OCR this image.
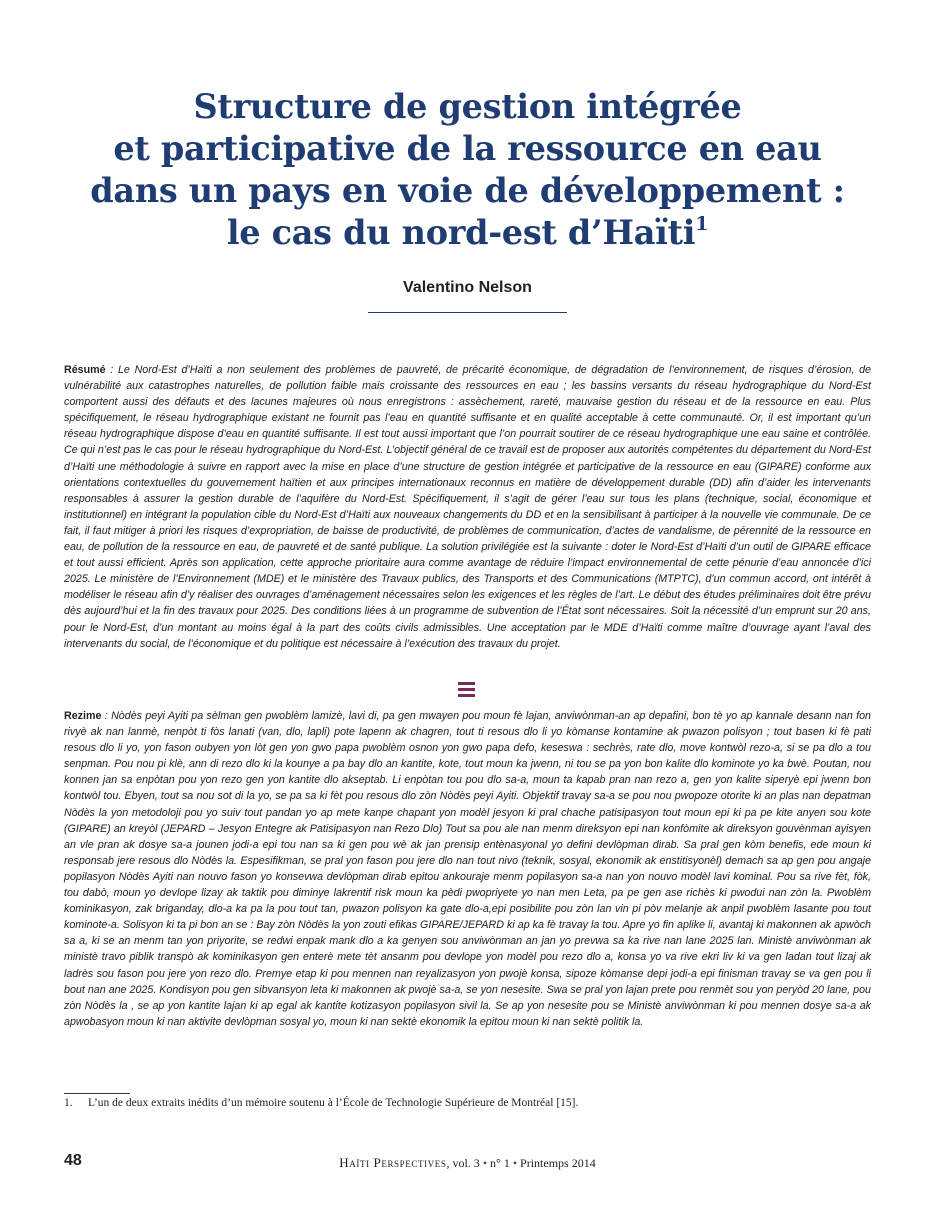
Structure de gestion intégrée
et participative de la ressource en eau
dans un pays en voie de développement :
le cas du nord-est d’Haïti$^1$
Valentino Nelson

Résumé : Le Nord-Est d’Haïti a non seulement des problèmes de pauvreté, de précarité économique, de dégradation de l’environnement, de risques d’érosion, de vulnérabilité aux catastrophes naturelles, de pollution faible mais croissante des ressources en eau ; les bassins versants du réseau hydrographique du Nord-Est comportent aussi des défauts et des lacunes majeures où nous enregistrons : assèchement, rareté, mauvaise gestion du réseau et de la ressource en eau. Plus spécifiquement, le réseau hydrographique existant ne fournit pas l’eau en quantité suffisante et en qualité acceptable à cette communauté. Or, il est important qu’un réseau hydrographique dispose d’eau en quantité suffisante. Il est tout aussi important que l’on pourrait soutirer de ce réseau hydrographique une eau saine et contrôlée. Ce qui n’est pas le cas pour le réseau hydrographique du Nord-Est. L’objectif général de ce travail est de proposer aux autorités compétentes du département du Nord-Est d’Haïti une méthodologie à suivre en rapport avec la mise en place d’une structure de gestion intégrée et participative de la ressource en eau (GIPARE) conforme aux orientations contextuelles du gouvernement haïtien et aux principes internationaux reconnus en matière de développement durable (DD) afin d’aider les intervenants responsables à assurer la gestion durable de l’aquifère du Nord-Est. Spécifiquement, il s’agit de gérer l’eau sur tous les plans (technique, social, économique et institutionnel) en intégrant la population cible du Nord-Est d’Haïti aux nouveaux changements du DD et en la sensibilisant à participer à la nouvelle vie communale. De ce fait, il faut mitiger à priori les risques d’expropriation, de baisse de productivité, de problèmes de communication, d’actes de vandalisme, de pérennité de la ressource en eau, de pollution de la ressource en eau, de pauvreté et de santé publique. La solution privilégiée est la suivante : doter le Nord-Est d’Haïti d’un outil de GIPARE efficace et tout aussi efficient. Après son application, cette approche prioritaire aura comme avantage de réduire l’impact environnemental de cette pénurie d’eau annoncée d’ici 2025. Le ministère de l’Environnement (MDE) et le ministère des Travaux publics, des Transports et des Communications (MTPTC), d’un commun accord, ont intérêt à modéliser le réseau afin d’y réaliser des ouvrages d’aménagement nécessaires selon les exigences et les règles de l’art. Le début des études préliminaires doit être prévu dès aujourd’hui et la fin des travaux pour 2025. Des conditions liées à un programme de subvention de l’État sont nécessaires. Soit la nécessité d’un emprunt sur 20 ans, pour le Nord-Est, d’un montant au moins égal à la part des coûts civils admissibles. Une acceptation par le MDE d’Haïti comme maître d’ouvrage ayant l’aval des intervenants du social, de l’économique et du politique est nécessaire à l’exécution des travaux du projet.

Rezime : Nòdès peyi Ayiti pa sèlman gen pwoblèm lamizè, lavi di, pa gen mwayen pou moun fè lajan, anviwònman-an ap depafini, bon tè yo ap kannale desann nan fon rivyè ak nan lanmè, nenpòt ti fòs lanati (van, dlo, lapli) pote lapenn ak chagren, tout ti resous dlo li yo kòmanse kontamine ak pwazon polisyon ; tout basen ki fè pati resous dlo li yo, yon fason oubyen yon lòt gen yon gwo papa pwoblèm osnon yon gwo papa defo, keseswa : sechrès, rate dlo, move kontwòl rezo-a, si se pa dlo a tou senpman. Pou nou pi klè, ann di rezo dlo ki la kounye a pa bay dlo an kantite, kote, tout moun ka jwenn, ni tou se pa yon bon kalite dlo kominote yo ka bwè. Poutan, nou konnen jan sa enpòtan pou yon rezo gen yon kantite dlo akseptab. Li enpòtan tou pou dlo sa-a, moun ta kapab pran nan rezo a, gen yon kalite siperyè epi jwenn bon kontwòl tou. Ebyen, tout sa nou sot di la yo, se pa sa ki fèt pou resous dlo zòn Nòdès peyi Ayiti. Objektif travay sa-a se pou nou pwopoze otorite ki an plas nan depatman Nòdès la yon metodoloji pou yo suiv tout pandan yo ap mete kanpe chapant yon modèl jesyon ki pral chache patisipasyon tout moun epi ki pa pe kite anyen sou kote (GIPARE) an kreyòl (JEPARD – Jesyon Entegre ak Patisipasyon nan Rezo Dlo) Tout sa pou ale nan menm direksyon epi nan konfòmite ak direksyon gouvènman ayisyen an vle pran ak dosye sa-a jounen jodi-a epi tou nan sa ki gen pou wè ak jan prensip entènasyonal yo defini devlòpman dirab. Sa pral gen kòm benefis, ede moun ki responsab jere resous dlo Nòdès la. Espesifikman, se pral yon fason pou jere dlo nan tout nivo (teknik, sosyal, ekonomik ak enstitisyonèl) demach sa ap gen pou angaje popilasyon Nòdès Ayiti nan nouvo fason yo konsevwa devlòpman dirab epitou ankouraje menm popilasyon sa-a nan yon nouvo modèl lavi kominal. Pou sa rive fèt, fòk, tou dabò, moun yo devlope lizay ak taktik pou diminye lakrentif risk moun ka pèdi pwopriyete yo nan men Leta, pa pe gen ase richès ki pwodui nan zòn la. Pwoblèm kominikasyon, zak briganday, dlo-a ka pa la pou tout tan, pwazon polisyon ka gate dlo-a,epi posibilite pou zòn lan vin pi pòv melanje ak anpil pwoblèm lasante pou tout kominote-a. Solisyon ki ta pi bon an se : Bay zòn Nòdès la yon zouti efikas GIPARE/JEPARD ki ap ka fè travay la tou. Apre yo fin aplike li, avantaj ki makonnen ak apwòch sa a, ki se an menm tan yon priyorite, se redwi enpak mank dlo a ka genyen sou anviwònman an jan yo prevwa sa ka rive nan lane 2025 lan. Ministè anviwònman ak ministè travo piblik transpò ak kominikasyon gen enterè mete tèt ansanm pou devlope yon modèl pou rezo dlo a, konsa yo va rive ekri liv ki va gen ladan tout lizaj ak ladrès sou fason pou jere yon rezo dlo. Premye etap ki pou mennen nan reyalizasyon yon pwojè konsa, sipoze kòmanse depi jodi-a epi finisman travay se va gen pou li bout nan ane 2025. Kondisyon pou gen sibvansyon leta ki makonnen ak pwojè sa-a, se yon nesesite. Swa se pral yon lajan prete pou renmèt sou yon peryòd 20 lane, pou zòn Nòdès la , se ap yon kantite lajan ki ap egal ak kantite kotizasyon popilasyon sivil la. Se ap yon nesesite pou se Ministè anviwònman ki pou mennen dosye sa-a ak apwobasyon moun ki nan aktivite devlòpman sosyal yo, moun ki nan sektè ekonomik la epitou moun ki nan sektè politik la.

1. L’un de deux extraits inédits d’un mémoire soutenu à l’École de Technologie Supérieure de Montréal [15].
48	Haïti Perspectives, vol. 3 • n° 1 • Printemps 2014
